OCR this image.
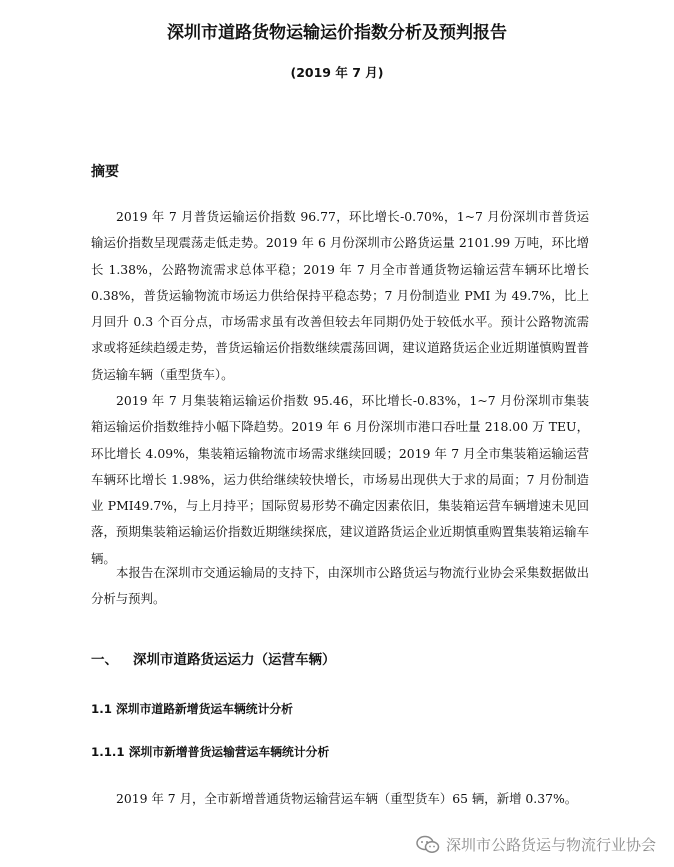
深圳市道路货物运输运价指数分析及预判报告
(2019 年 7 月)
摘要

2019 年 7 月普货运输运价指数 96.77，环比增长-0.70%，1~7 月份深圳市普货运输运价指数呈现震荡走低走势。2019 年 6 月份深圳市公路货运量 2101.99 万吨，环比增长 1.38%，公路物流需求总体平稳；2019 年 7 月全市普通货物运输运营车辆环比增长 0.38%，普货运输物流市场运力供给保持平稳态势；7 月份制造业 PMI 为 49.7%，比上月回升 0.3 个百分点，市场需求虽有改善但较去年同期仍处于较低水平。预计公路物流需求或将延续趋缓走势，普货运输运价指数继续震荡回调，建议道路货运企业近期谨慎购置普货运输车辆（重型货车）。

2019 年 7 月集装箱运输运价指数 95.46，环比增长-0.83%，1~7 月份深圳市集装箱运输运价指数维持小幅下降趋势。2019 年 6 月份深圳市港口吞吐量 218.00 万 TEU，环比增长 4.09%，集装箱运输物流市场需求继续回暖；2019 年 7 月全市集装箱运输运营车辆环比增长 1.98%，运力供给继续较快增长，市场易出现供大于求的局面；7 月份制造业 PMI49.7%，与上月持平；国际贸易形势不确定因素依旧，集装箱运营车辆增速未见回落，预期集装箱运输运价指数近期继续探底，建议道路货运企业近期慎重购置集装箱运输车辆。

本报告在深圳市交通运输局的支持下，由深圳市公路货运与物流行业协会采集数据做出分析与预判。

一、 深圳市道路货运运力（运营车辆）
1.1 深圳市道路新增货运车辆统计分析
1.1.1 深圳市新增普货运输营运车辆统计分析

2019 年 7 月，全市新增普通货物运输营运车辆（重型货车）65 辆，新增 0.37%。

深圳市公路货运与物流行业协会
